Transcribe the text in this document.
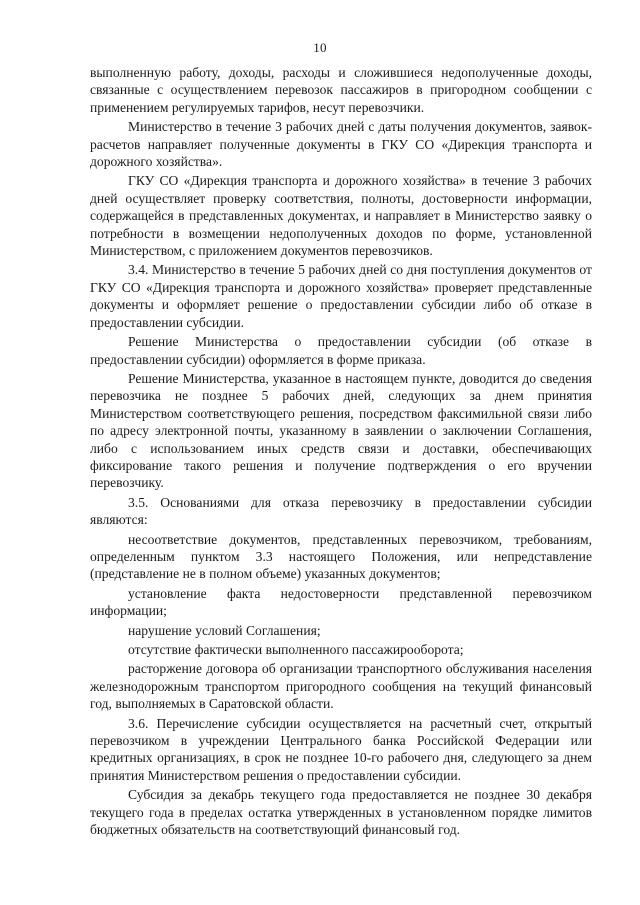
10

выполненную работу, доходы, расходы и сложившиеся недополученные доходы, связанные с осуществлением перевозок пассажиров в пригородном сообщении с применением регулируемых тарифов, несут перевозчики.

Министерство в течение 3 рабочих дней с даты получения документов, заявок-расчетов направляет полученные документы в ГКУ СО «Дирекция транспорта и дорожного хозяйства».

ГКУ СО «Дирекция транспорта и дорожного хозяйства» в течение 3 рабочих дней осуществляет проверку соответствия, полноты, достоверности информации, содержащейся в представленных документах, и направляет в Министерство заявку о потребности в возмещении недополученных доходов по форме, установленной Министерством, с приложением документов перевозчиков.

3.4. Министерство в течение 5 рабочих дней со дня поступления документов от ГКУ СО «Дирекция транспорта и дорожного хозяйства» проверяет представленные документы и оформляет решение о предоставлении субсидии либо об отказе в предоставлении субсидии.

Решение Министерства о предоставлении субсидии (об отказе в предоставлении субсидии) оформляется в форме приказа.

Решение Министерства, указанное в настоящем пункте, доводится до сведения перевозчика не позднее 5 рабочих дней, следующих за днем принятия Министерством соответствующего решения, посредством факсимильной связи либо по адресу электронной почты, указанному в заявлении о заключении Соглашения, либо с использованием иных средств связи и доставки, обеспечивающих фиксирование такого решения и получение подтверждения о его вручении перевозчику.

3.5. Основаниями для отказа перевозчику в предоставлении субсидии являются:

несоответствие документов, представленных перевозчиком, требованиям, определенным пунктом 3.3 настоящего Положения, или непредставление (представление не в полном объеме) указанных документов;

установление факта недостоверности представленной перевозчиком информации;

нарушение условий Соглашения;

отсутствие фактически выполненного пассажирооборота;

расторжение договора об организации транспортного обслуживания населения железнодорожным транспортом пригородного сообщения на текущий финансовый год, выполняемых в Саратовской области.

3.6. Перечисление субсидии осуществляется на расчетный счет, открытый перевозчиком в учреждении Центрального банка Российской Федерации или кредитных организациях, в срок не позднее 10-го рабочего дня, следующего за днем принятия Министерством решения о предоставлении субсидии.

Субсидия за декабрь текущего года предоставляется не позднее 30 декабря текущего года в пределах остатка утвержденных в установленном порядке лимитов бюджетных обязательств на соответствующий финансовый год.
